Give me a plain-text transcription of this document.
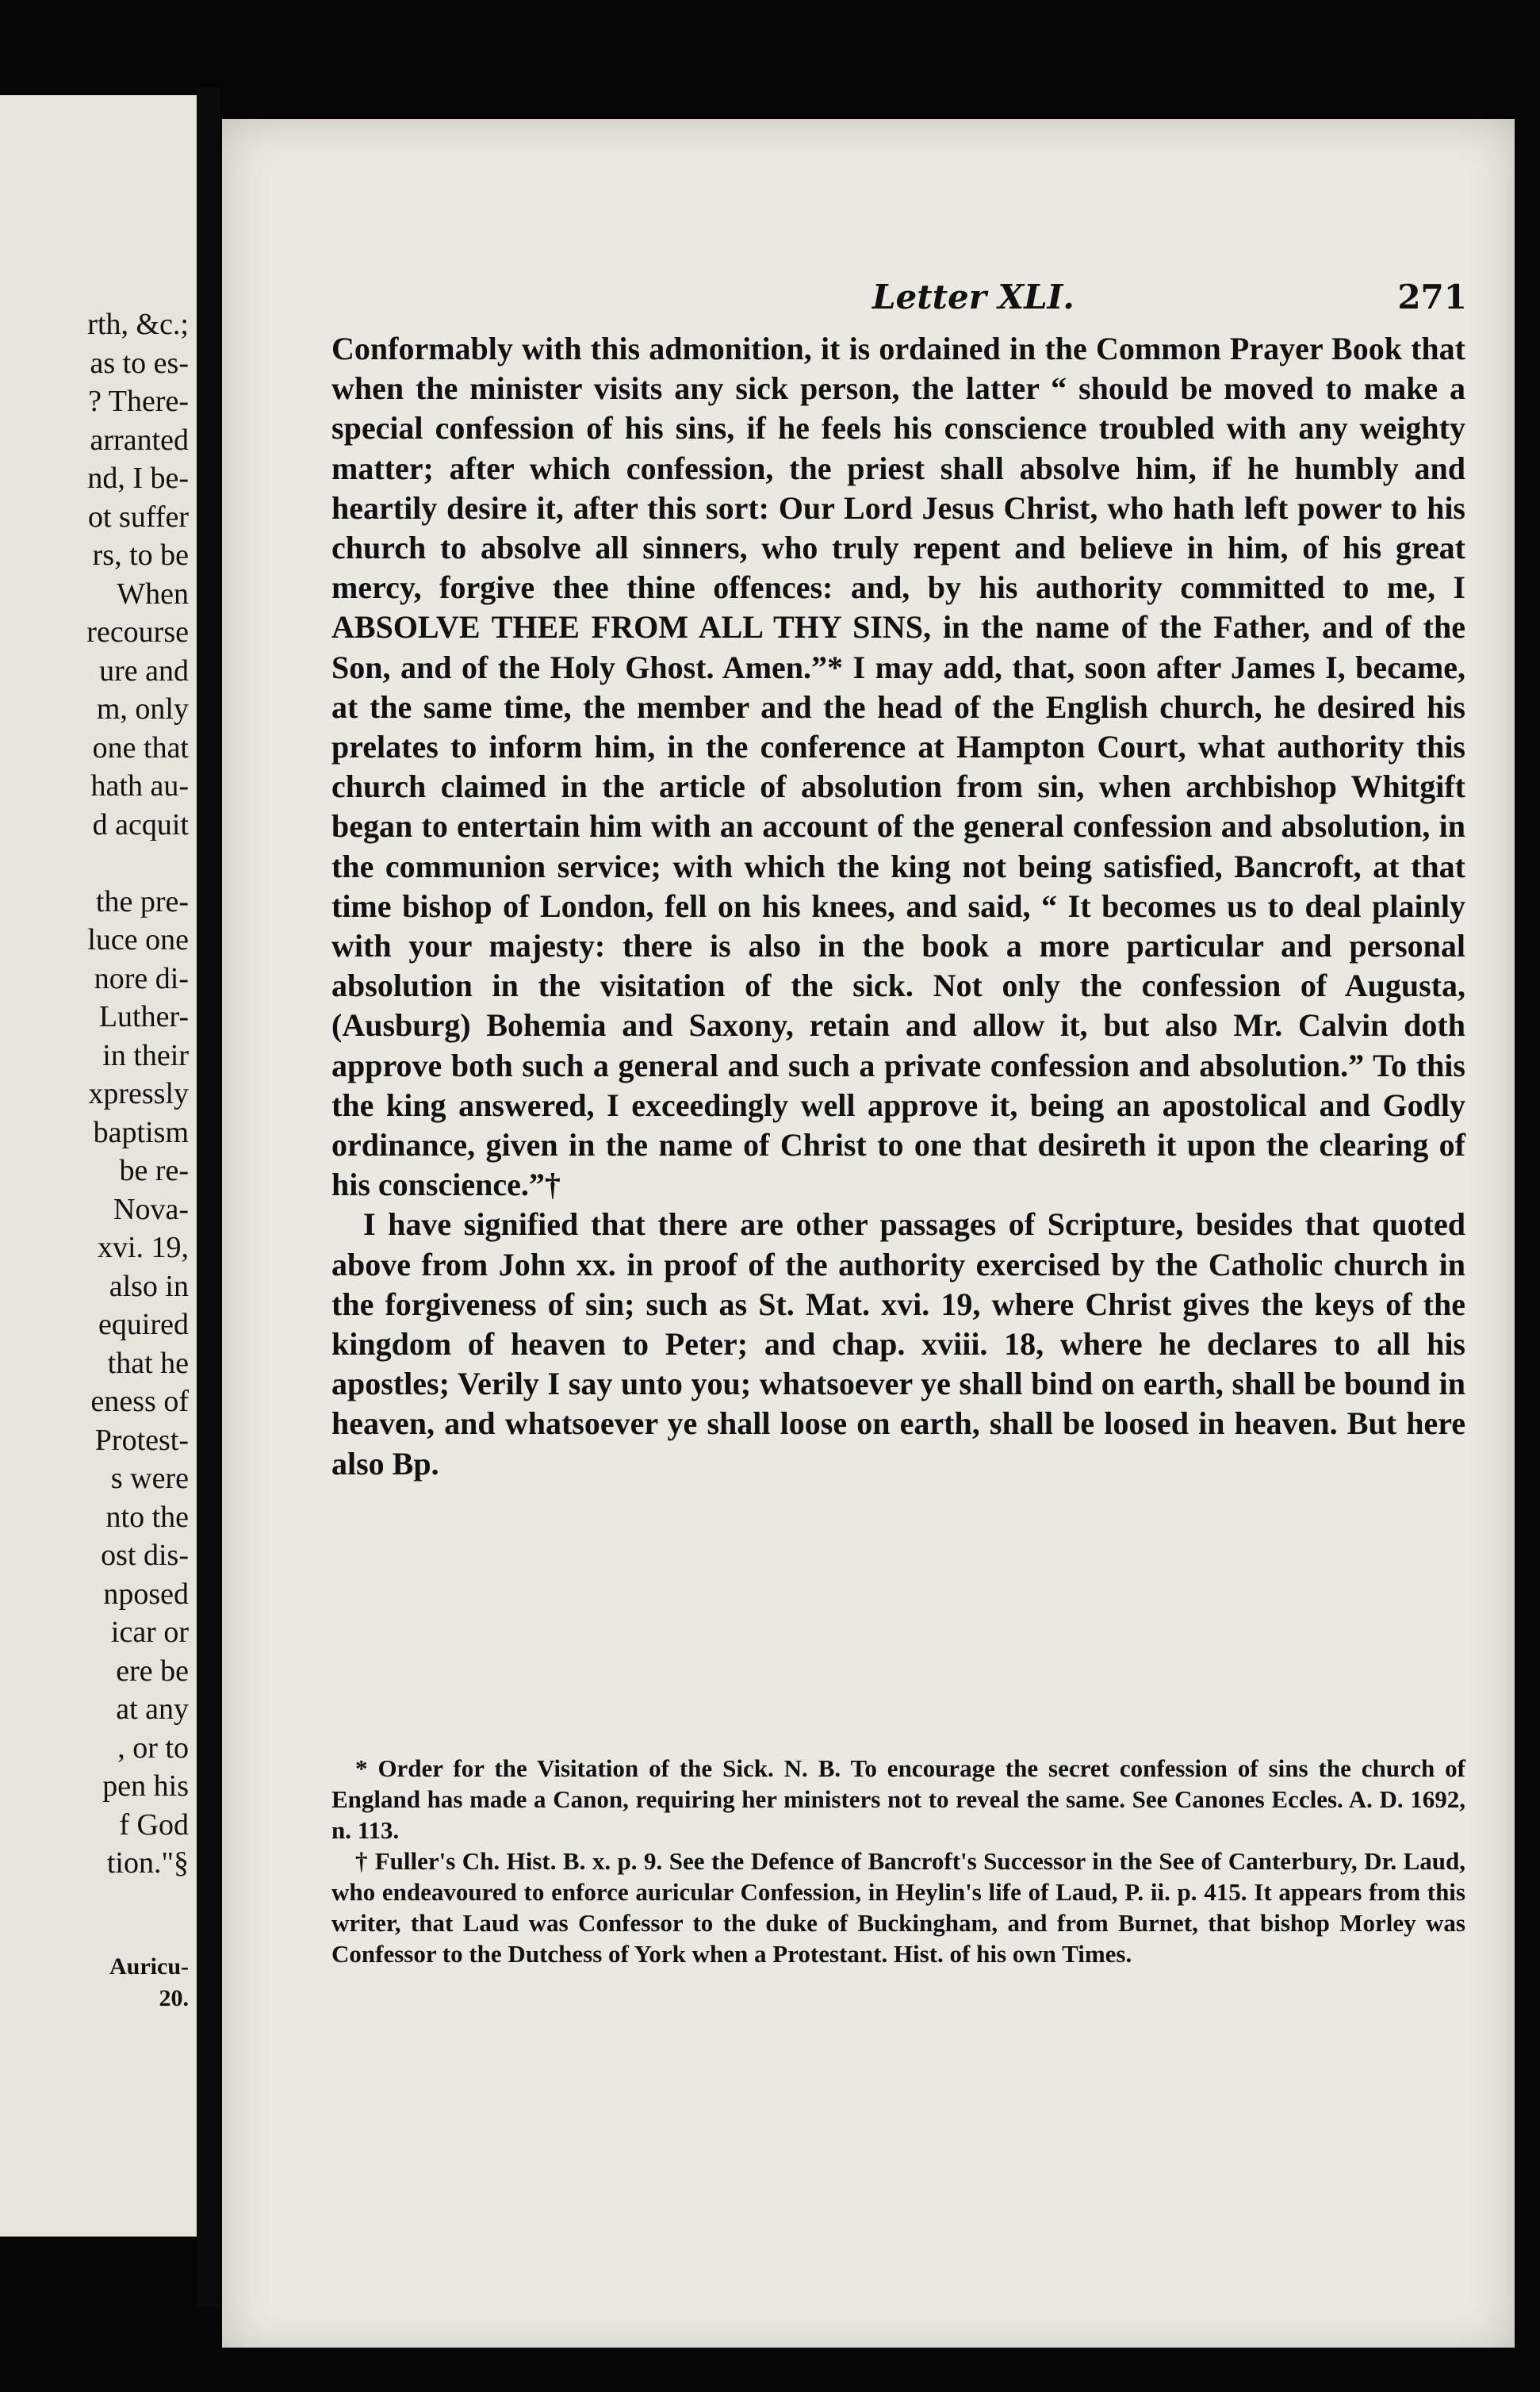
rth, &c.;
as to es-
? There-
arranted
nd, I be-
ot suffer
rs, to be
When
recourse
ure and
m, only
one that
hath au-
d acquit
the pre-
luce one
nore di-
Luther-
in their
xpressly
baptism
be re-
Nova-
xvi. 19,
also in
equired
that he
eness of
Protest-
s were
nto the
ost dis-
nposed
icar or
ere be
at any
, or to
pen his
f God
tion."§
Auricu-
20.
Letter XLI.	271

Conformably with this admonition, it is ordained in the Common Prayer Book that when the minister visits any sick person, the latter “ should be moved to make a special confession of his sins, if he feels his conscience troubled with any weighty matter; after which confession, the priest shall absolve him, if he humbly and heartily desire it, after this sort: Our Lord Jesus Christ, who hath left power to his church to absolve all sinners, who truly repent and believe in him, of his great mercy, forgive thee thine offences: and, by his authority committed to me, I ABSOLVE THEE FROM ALL THY SINS, in the name of the Father, and of the Son, and of the Holy Ghost. Amen.”* I may add, that, soon after James I, became, at the same time, the member and the head of the English church, he desired his prelates to inform him, in the conference at Hampton Court, what authority this church claimed in the article of absolution from sin, when archbishop Whitgift began to entertain him with an account of the general confession and absolution, in the communion service; with which the king not being satisfied, Bancroft, at that time bishop of London, fell on his knees, and said, “ It becomes us to deal plainly with your majesty: there is also in the book a more particular and personal absolution in the visitation of the sick. Not only the confession of Augusta, (Ausburg) Bohemia and Saxony, retain and allow it, but also Mr. Calvin doth approve both such a general and such a private confession and absolution.” To this the king answered, I exceedingly well approve it, being an apostolical and Godly ordinance, given in the name of Christ to one that desireth it upon the clearing of his conscience.”†

I have signified that there are other passages of Scripture, besides that quoted above from John xx. in proof of the authority exercised by the Catholic church in the forgiveness of sin; such as St. Mat. xvi. 19, where Christ gives the keys of the kingdom of heaven to Peter; and chap. xviii. 18, where he declares to all his apostles; Verily I say unto you; whatsoever ye shall bind on earth, shall be bound in heaven, and whatsoever ye shall loose on earth, shall be loosed in heaven. But here also Bp.

* Order for the Visitation of the Sick. N. B. To encourage the secret confession of sins the church of England has made a Canon, requiring her ministers not to reveal the same. See Canones Eccles. A. D. 1692, n. 113.

† Fuller's Ch. Hist. B. x. p. 9. See the Defence of Bancroft's Successor in the See of Canterbury, Dr. Laud, who endeavoured to enforce auricular Confession, in Heylin's life of Laud, P. ii. p. 415. It appears from this writer, that Laud was Confessor to the duke of Buckingham, and from Burnet, that bishop Morley was Confessor to the Dutchess of York when a Protestant. Hist. of his own Times.
